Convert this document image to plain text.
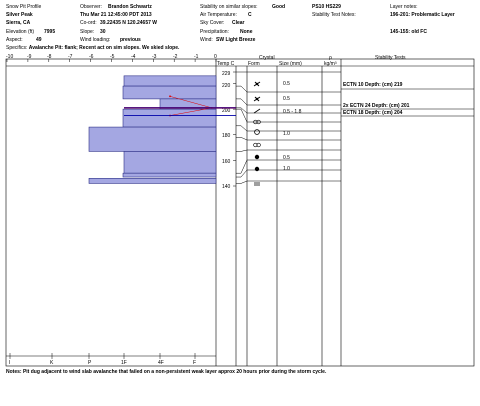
Snow Pit Profile
Silver Peak
Sierra, CA
Elevation (ft) 7995
Aspect:	49
Observer: Brandon Schwartz
Thu Mar 21 12:45:00 PDT 2013
Co-ord: 39.22435 N 120.24657 W
Slope: 30
Wind loading: previous
Stability on similar slopes:	Good
Air Temperature: C
Sky Cover: Clear
Precipitation: None
Wind: SW Light Breeze
PS10 HS229
Stability Test Notes:
Layer notes:
196-201: Problematic Layer
145-155: old FC
Specifics: Avalanche Pit: flank; Recent act on sim slopes. We skied slope.
Crystal
Form	Size (mm)
ρ
kg/m³
Stability Tests
Temp C
-10	-9	-8	-7	-6	-5	-4	-3	-2	-1	0
220
200
180
160
140
229
I	K	P	1F	4F	F
0.5
0.5
0.5 - 1.8
1.0
0.5
1.0
ECTN 10 Depth: (cm) 219
2x ECTN 24 Depth: (cm) 201
ECTN 18 Depth: (cm) 204
Notes: Pit dug adjacent to wind slab avalanche that failed on a non-persistent weak layer approx 20 hours prior during the storm cycle.
